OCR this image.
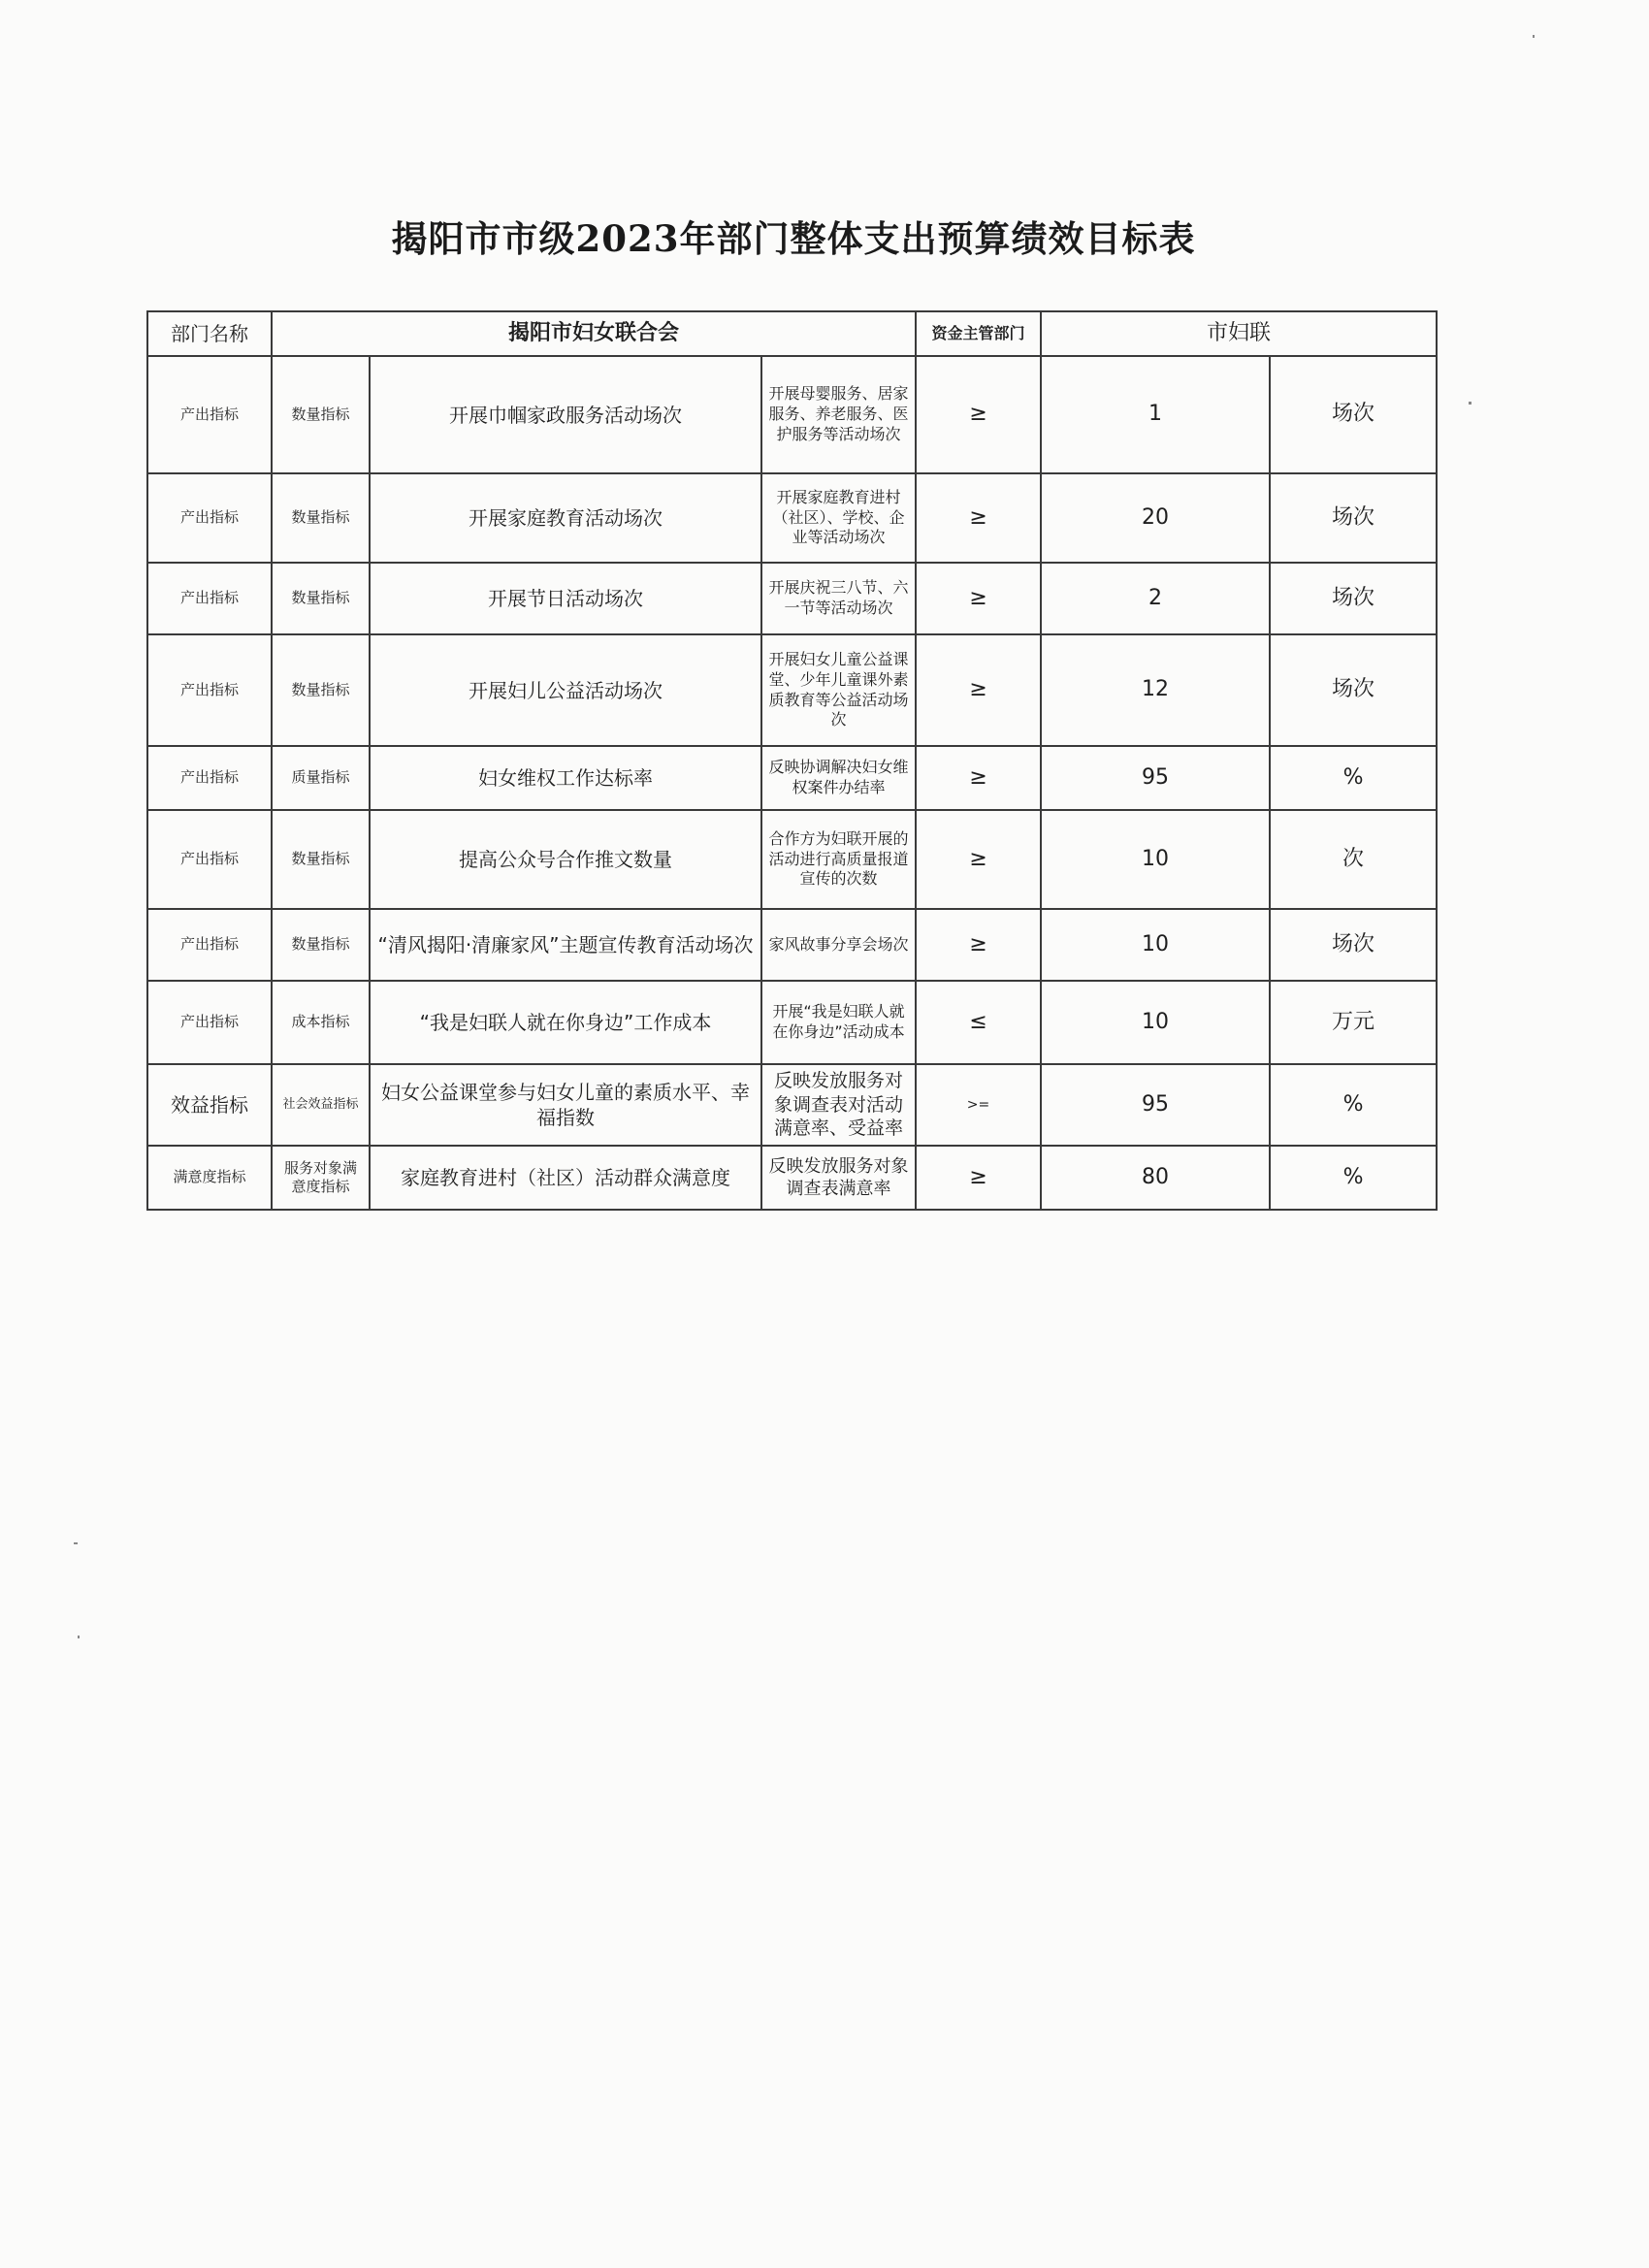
揭阳市市级2023年部门整体支出预算绩效目标表
部门名称	揭阳市妇女联合会			资金主管部门	市妇联	
产出指标	数量指标	开展巾帼家政服务活动场次	开展母婴服务、居家服务、养老服务、医护服务等活动场次	≥	1	场次
产出指标	数量指标	开展家庭教育活动场次	开展家庭教育进村（社区）、学校、企业等活动场次	≥	20	场次
产出指标	数量指标	开展节日活动场次	开展庆祝三八节、六一节等活动场次	≥	2	场次
产出指标	数量指标	开展妇儿公益活动场次	开展妇女儿童公益课堂、少年儿童课外素质教育等公益活动场次	≥	12	场次
产出指标	质量指标	妇女维权工作达标率	反映协调解决妇女维权案件办结率	≥	95	%
产出指标	数量指标	提高公众号合作推文数量	合作方为妇联开展的活动进行高质量报道宣传的次数	≥	10	次
产出指标	数量指标	“清风揭阳·清廉家风”主题宣传教育活动场次	家风故事分享会场次	≥	10	场次
产出指标	成本指标	“我是妇联人就在你身边”工作成本	开展“我是妇联人就在你身边”活动成本	≤	10	万元
效益指标	社会效益指标	妇女公益课堂参与妇女儿童的素质水平、幸福指数	反映发放服务对象调查表对活动满意率、受益率	>=	95	%
满意度指标	服务对象满意度指标	家庭教育进村（社区）活动群众满意度	反映发放服务对象调查表满意率	≥	80	%
